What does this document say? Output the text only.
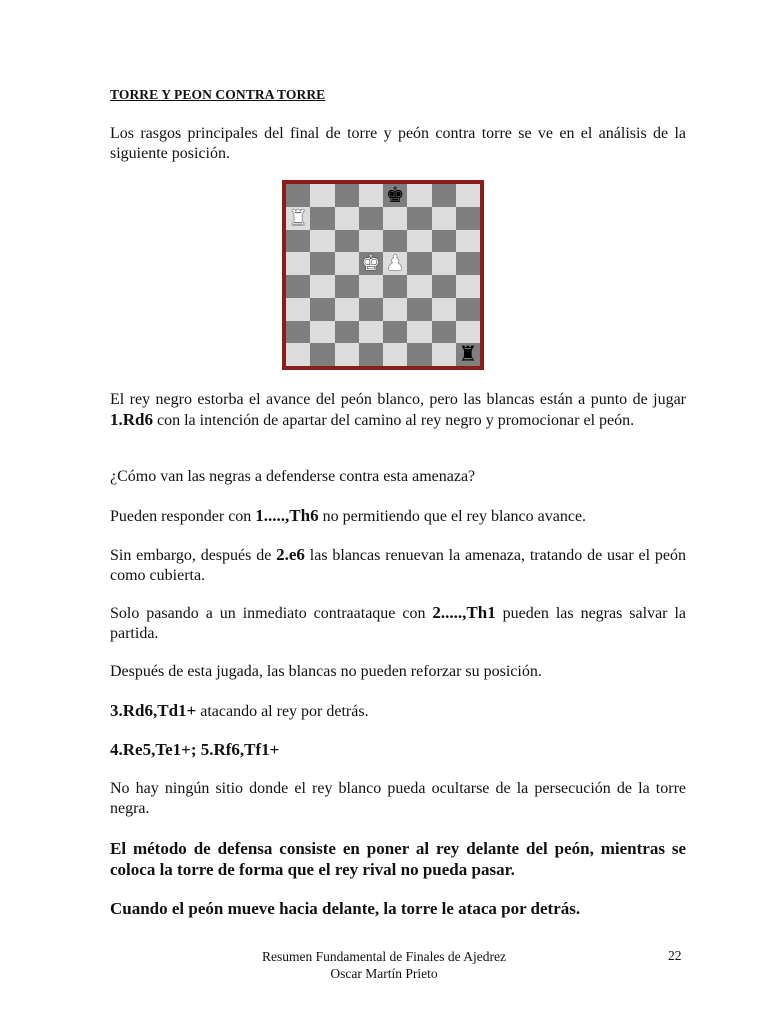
TORRE Y PEON CONTRA TORRE

Los rasgos principales del final de torre y peón contra torre se ve en el análisis de la siguiente posición.

El rey negro estorba el avance del peón blanco, pero las blancas están a punto de jugar 1.Rd6 con la intención de apartar del camino al rey negro y promocionar el peón.

¿Cómo van las negras a defenderse contra esta amenaza?

Pueden responder con 1.....,Th6 no permitiendo que el rey blanco avance.

Sin embargo, después de 2.e6 las blancas renuevan la amenaza, tratando de usar el peón como cubierta.

Solo pasando a un inmediato contraataque con 2.....,Th1 pueden las negras salvar la partida.

Después de esta jugada, las blancas no pueden reforzar su posición.

3.Rd6,Td1+ atacando al rey por detrás.

4.Re5,Te1+; 5.Rf6,Tf1+

No hay ningún sitio donde el rey blanco pueda ocultarse de la persecución de la torre negra.

El método de defensa consiste en poner al rey delante del peón, mientras se coloca la torre de forma que el rey rival no pueda pasar.

Cuando el peón mueve hacia delante, la torre le ataca por detrás.

♚
♜
♚ ♟
♜
Resumen Fundamental de Finales de Ajedrez
Oscar Martín Prieto
22
